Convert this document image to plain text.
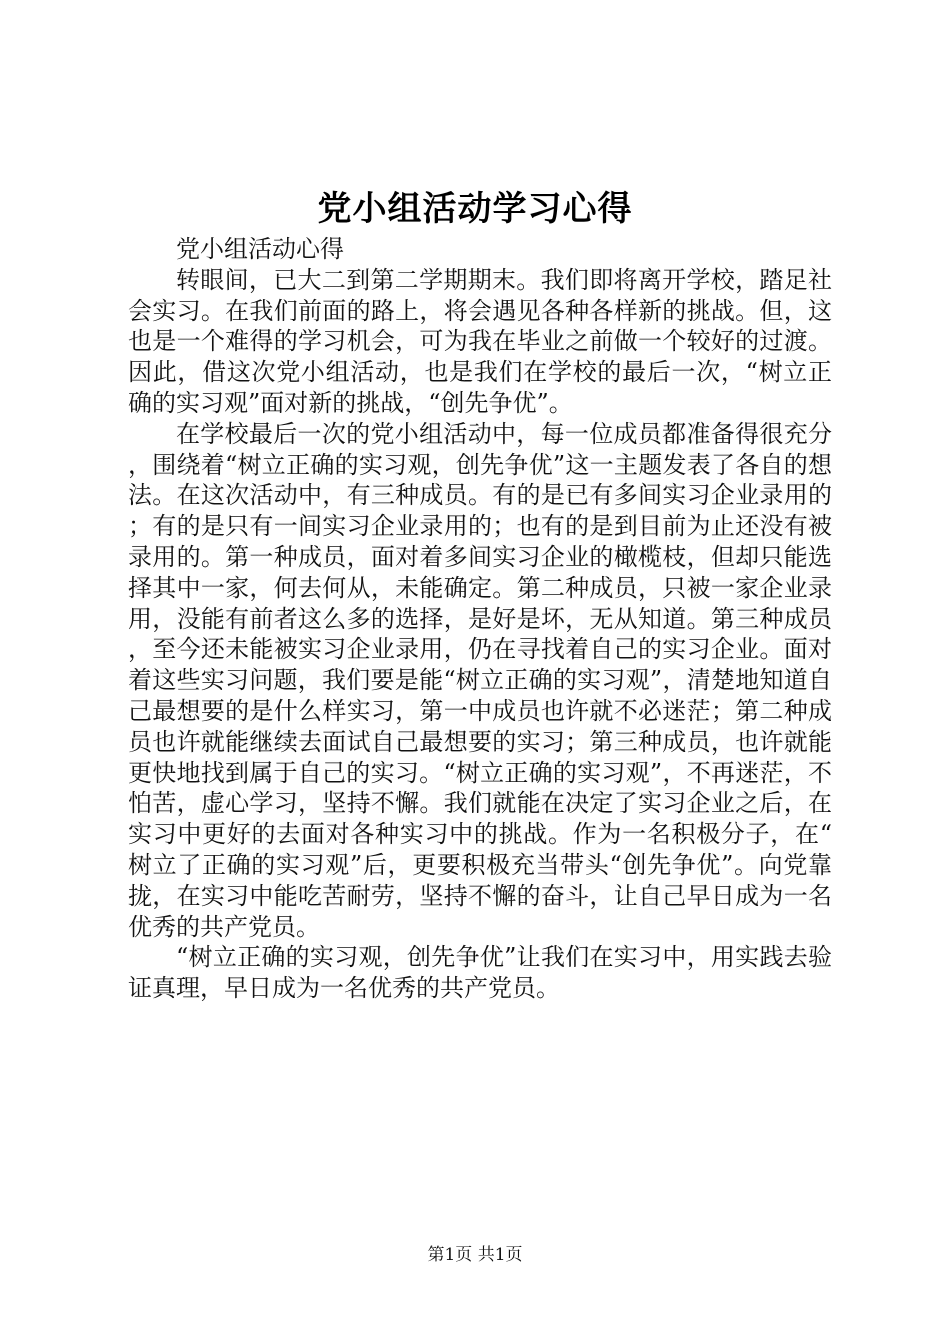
党小组活动学习心得

党小组活动心得

转眼间，已大二到第二学期期末。我们即将离开学校，踏足社会实习。在我们前面的路上，将会遇见各种各样新的挑战。但，这也是一个难得的学习机会，可为我在毕业之前做一个较好的过渡。因此，借这次党小组活动，也是我们在学校的最后一次，“树立正确的实习观”面对新的挑战，“创先争优”。

在学校最后一次的党小组活动中，每一位成员都准备得很充分，围绕着“树立正确的实习观，创先争优”这一主题发表了各自的想法。在这次活动中，有三种成员。有的是已有多间实习企业录用的；有的是只有一间实习企业录用的；也有的是到目前为止还没有被录用的。第一种成员，面对着多间实习企业的橄榄枝，但却只能选择其中一家，何去何从，未能确定。第二种成员，只被一家企业录用，没能有前者这么多的选择，是好是坏，无从知道。第三种成员，至今还未能被实习企业录用，仍在寻找着自己的实习企业。面对着这些实习问题，我们要是能“树立正确的实习观”，清楚地知道自己最想要的是什么样实习，第一中成员也许就不必迷茫；第二种成员也许就能继续去面试自己最想要的实习；第三种成员，也许就能更快地找到属于自己的实习。“树立正确的实习观”，不再迷茫，不怕苦，虚心学习，坚持不懈。我们就能在决定了实习企业之后，在实习中更好的去面对各种实习中的挑战。作为一名积极分子，在“树立了正确的实习观”后，更要积极充当带头“创先争优”。向党靠拢，在实习中能吃苦耐劳，坚持不懈的奋斗，让自己早日成为一名优秀的共产党员。

“树立正确的实习观，创先争优”让我们在实习中，用实践去验证真理，早日成为一名优秀的共产党员。

第1页 共1页
